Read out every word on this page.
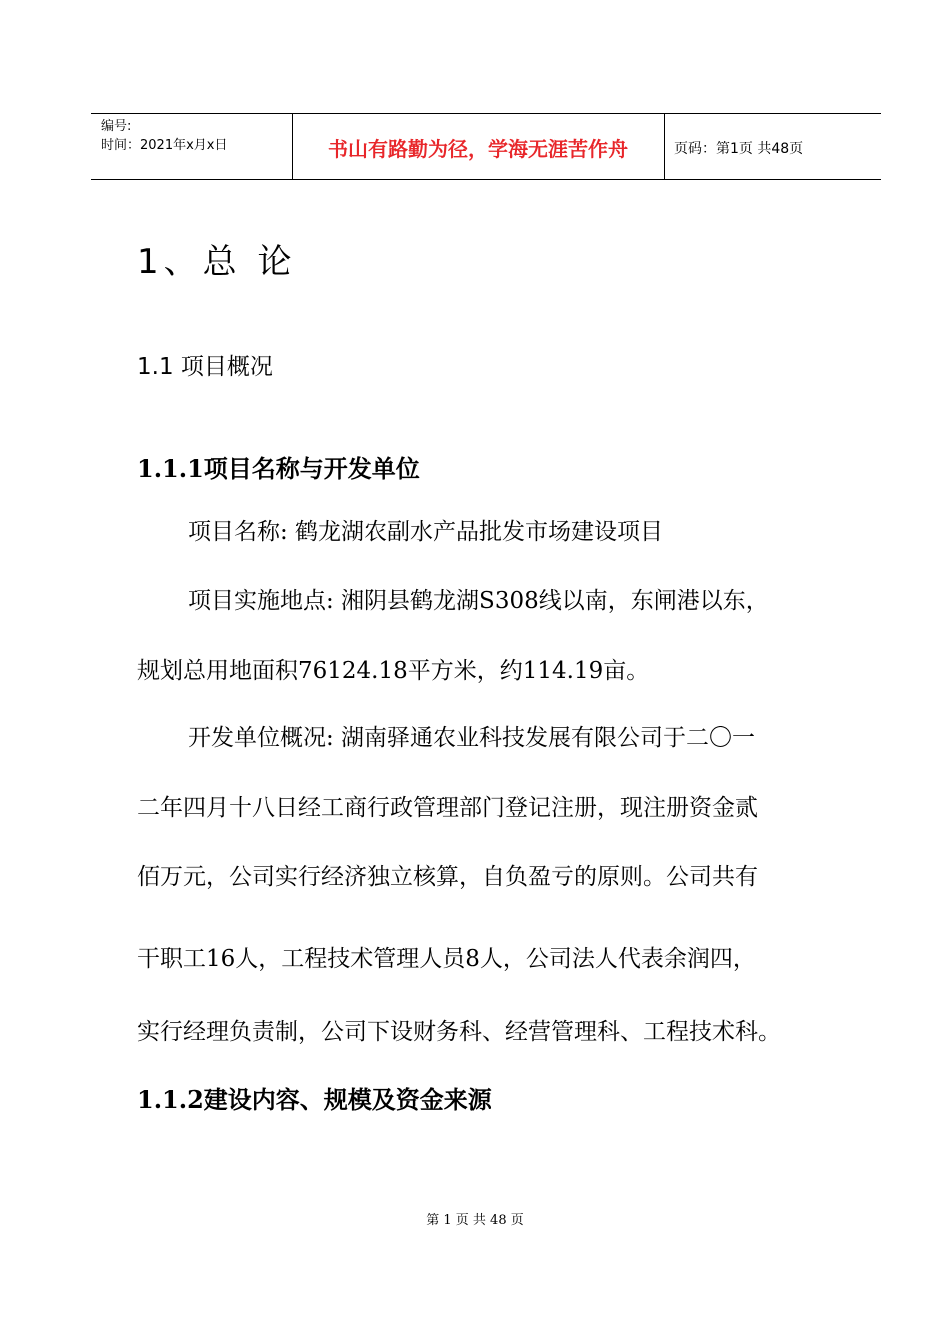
编号:
时间：2021年x月x日	书山有路勤为径，学海无涯苦作舟	页码：第1页 共48页
1、总 论
1.1 项目概况
1.1.1项目名称与开发单位
项目名称: 鹤龙湖农副水产品批发市场建设项目
项目实施地点: 湘阴县鹤龙湖S308线以南，东闸港以东，
规划总用地面积76124.18平方米，约114.19亩。
开发单位概况: 湖南驿通农业科技发展有限公司于二〇一
二年四月十八日经工商行政管理部门登记注册，现注册资金贰
佰万元，公司实行经济独立核算，自负盈亏的原则。公司共有
干职工16人，工程技术管理人员8人，公司法人代表余润四，
实行经理负责制，公司下设财务科、经营管理科、工程技术科。
1.1.2建设内容、规模及资金来源
第 1 页 共 48 页
